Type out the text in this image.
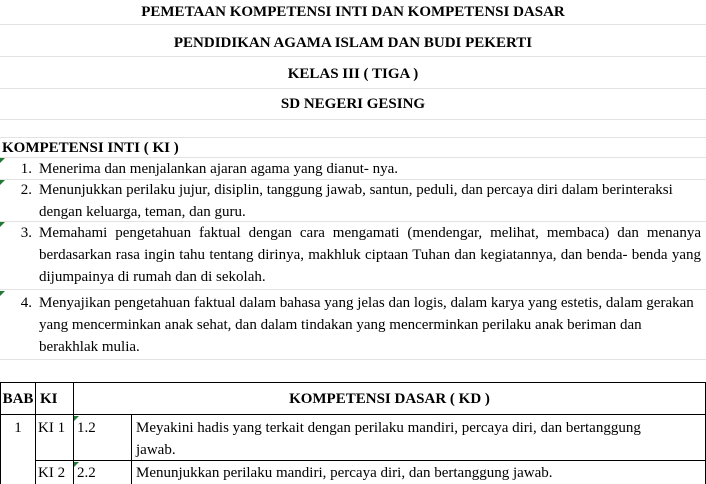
PEMETAAN KOMPETENSI INTI DAN KOMPETENSI DASAR
PENDIDIKAN AGAMA ISLAM DAN BUDI PEKERTI
KELAS III ( TIGA )
SD NEGERI GESING
KOMPETENSI INTI ( KI )
1. Menerima dan menjalankan ajaran agama yang dianut- nya.
2. Menunjukkan perilaku jujur, disiplin, tanggung jawab, santun, peduli, dan percaya diri dalam berinteraksi dengan keluarga, teman, dan guru.
3. Memahami pengetahuan faktual dengan cara mengamati (mendengar, melihat, membaca) dan menanya berdasarkan rasa ingin tahu tentang dirinya, makhluk ciptaan Tuhan dan kegiatannya, dan benda- benda yang dijumpainya di rumah dan di sekolah.
4. Menyajikan pengetahuan faktual dalam bahasa yang jelas dan logis, dalam karya yang estetis, dalam gerakan yang mencerminkan anak sehat, dan dalam tindakan yang mencerminkan perilaku anak beriman dan berakhlak mulia.
BAB KI	KOMPETENSI DASAR ( KD )
1	KI 1 1.2	Meyakini hadis yang terkait dengan perilaku mandiri, percaya diri, dan bertanggung jawab.
KI 2 2.2	Menunjukkan perilaku mandiri, percaya diri, dan bertanggung jawab.
